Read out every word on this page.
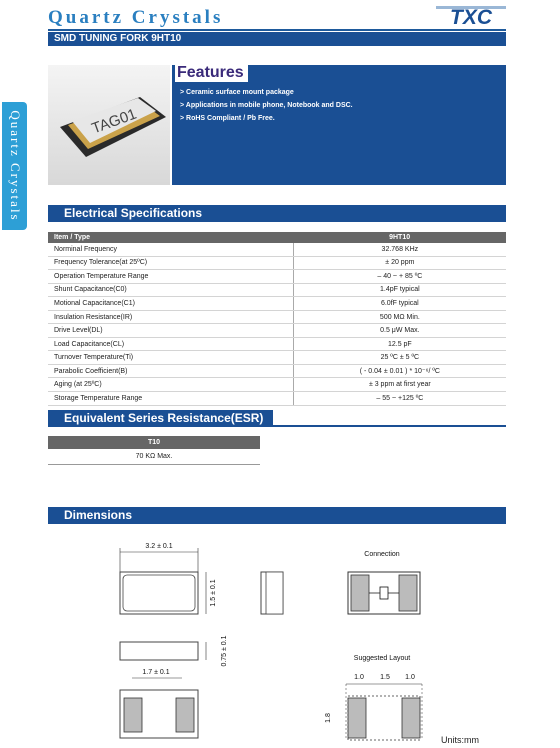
Quartz Crystals	TXC
SMD TUNING FORK 9HT10
Quartz Crystals	TAG01
Features
> Ceramic surface mount package
> Applications in mobile phone, Notebook and DSC.
> RoHS Compliant / Pb Free.
Electrical Specifications
Item / Type	9HT10
Norminal Frequency	32.768 KHz
Frequency Tolerance(at 25ºC)	± 20 ppm
Operation Temperature Range	– 40 ~ + 85 ºC
Shunt Capacitance(C0)	1.4pF typical
Motional Capacitance(C1)	6.0fF typical
Insulation Resistance(IR)	500 MΩ Min.
Drive Level(DL)	0.5 μW Max.
Load Capacitance(CL)	12.5 pF
Turnover Temperature(Ti)	25 ºC ± 5 ºC
Parabolic Coefficient(B)	( - 0.04 ± 0.01 ) * 10⁻⁶/ ºC
Aging (at 25ºC)	± 3 ppm at first year
Storage Temperature Range	– 55 ~ +125 ºC
Equivalent Series Resistance(ESR)
T10
70 KΩ Max.
Dimensions
3.2 ± 0.1
1.5 ± 0.1
0.75 ± 0.1
1.7 ± 0.1
Connection
Suggested Layout
1.0 1.5 1.0
1.8
Units:mm
